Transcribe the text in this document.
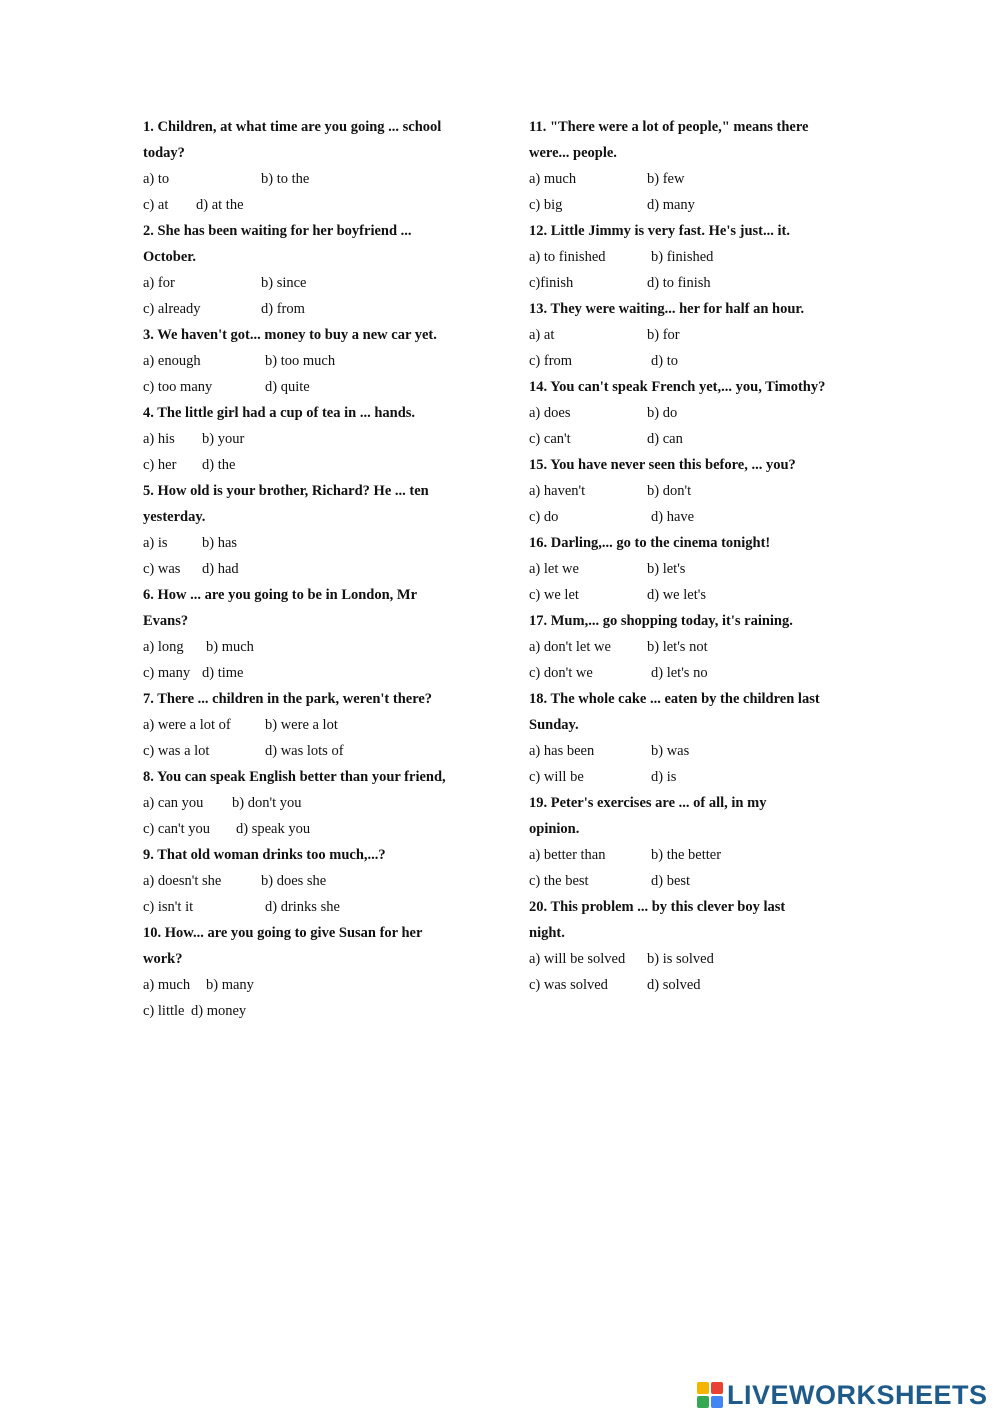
1. Children, at what time are you going ... school
today?
a) to	b) to the
c) at d) at the
2. She has been waiting for her boyfriend ...
October.
a) for	b) since
c) already	d) from
3. We haven't got... money to buy a new car yet.
a) enough	b) too much
c) too many	d) quite
4. The little girl had a cup of tea in ... hands.
a) his b) your
c) her d) the
5. How old is your brother, Richard? He ... ten
yesterday.
a) is b) has
c) was d) had
6. How ... are you going to be in London, Mr
Evans?
a) long b) much
c) many d) time
7. There ... children in the park, weren't there?
a) were a lot of b) were a lot
c) was a lot	d) was lots of
8. You can speak English better than your friend,
a) can you b) don't you
c) can't you d) speak you
9. That old woman drinks too much,...?
a) doesn't she	b) does she
c) isn't it	d) drinks she
10. How... are you going to give Susan for her
work?
a) much b) many
c) little d) money
11. "There were a lot of people," means there
were... people.
a) much	b) few
c) big	d) many
12. Little Jimmy is very fast. He's just... it.
a) to finished	b) finished
c)finish	d) to finish
13. They were waiting... her for half an hour.
a) at	b) for
c) from	d) to
14. You can't speak French yet,... you, Timothy?
a) does	b) do
c) can't	d) can
15. You have never seen this before, ... you?
a) haven't	b) don't
c) do	d) have
16. Darling,... go to the cinema tonight!
a) let we	b) let's
c) we let	d) we let's
17. Mum,... go shopping today, it's raining.
a) don't let we b) let's not
c) don't we	d) let's no
18. The whole cake ... eaten by the children last
Sunday.
a) has been	b) was
c) will be	d) is
19. Peter's exercises are ... of all, in my
opinion.
a) better than	b) the better
c) the best	d) best
20. This problem ... by this clever boy last
night.
a) will be solved b) is solved
c) was solved	d) solved
LIVEWORKSHEETS
